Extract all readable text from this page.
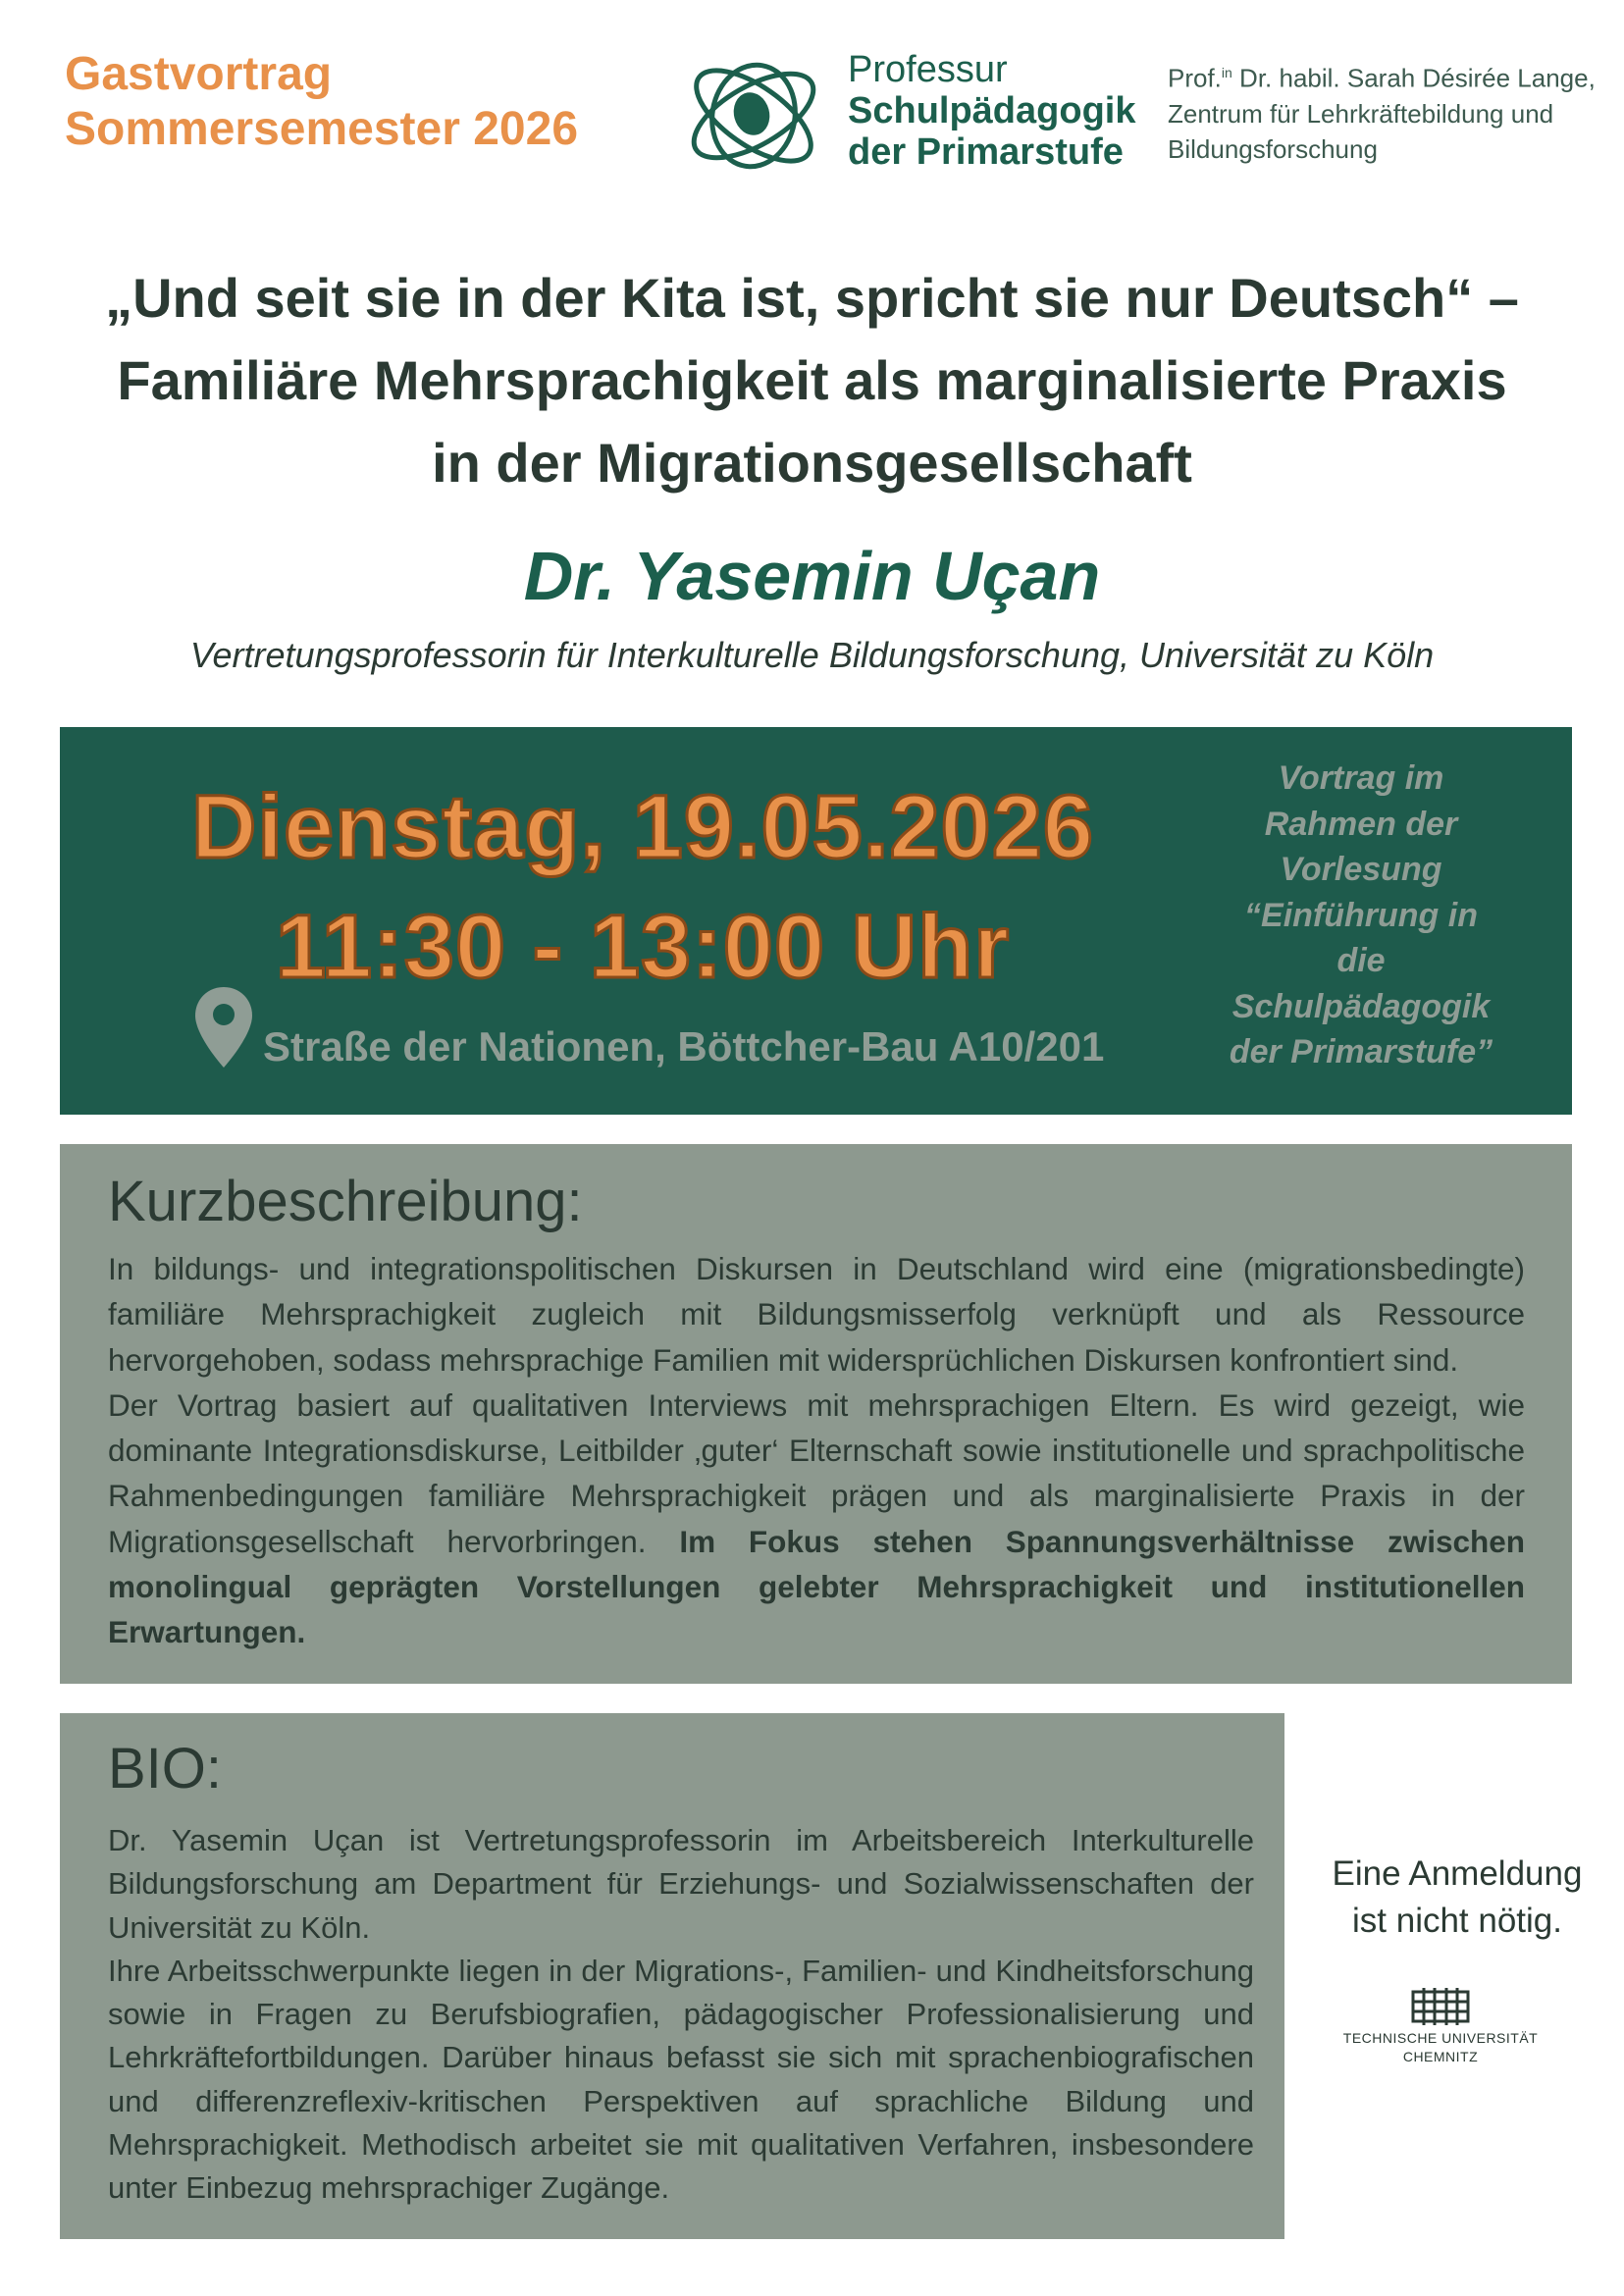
Gastvortrag
Sommersemester 2026
Professur
Schulpädagogik
der Primarstufe
Prof.$^{in}$ Dr. habil. Sarah Désirée Lange,
Zentrum für Lehrkräftebildung und
Bildungsforschung
„Und seit sie in der Kita ist, spricht sie nur Deutsch“ –
Familiäre Mehrsprachigkeit als marginalisierte Praxis
in der Migrationsgesellschaft
Dr. Yasemin Uçan
Vertretungsprofessorin für Interkulturelle Bildungsforschung, Universität zu Köln
Dienstag, 19.05.2026
11:30 - 13:00 Uhr
Straße der Nationen, Böttcher-Bau A10/201
Vortrag im
Rahmen der
Vorlesung
“Einführung in
die
Schulpädagogik
der Primarstufe”
Kurzbeschreibung:

In bildungs- und integrationspolitischen Diskursen in Deutschland wird eine (migrationsbedingte) familiäre Mehrsprachigkeit zugleich mit Bildungsmisserfolg verknüpft und als Ressource hervorgehoben, sodass mehrsprachige Familien mit widersprüchlichen Diskursen konfrontiert sind.

Der Vortrag basiert auf qualitativen Interviews mit mehrsprachigen Eltern. Es wird gezeigt, wie dominante Integrationsdiskurse, Leitbilder ‚guter‘ Elternschaft sowie institutionelle und sprachpolitische Rahmenbedingungen familiäre Mehrsprachigkeit prägen und als marginalisierte Praxis in der Migrationsgesellschaft hervorbringen. Im Fokus stehen Spannungsverhältnisse zwischen monolingual geprägten Vorstellungen gelebter Mehrsprachigkeit und institutionellen Erwartungen.

BIO:

Dr. Yasemin Uçan ist Vertretungsprofessorin im Arbeitsbereich Interkulturelle Bildungsforschung am Department für Erziehungs- und Sozialwissenschaften der Universität zu Köln.

Ihre Arbeitsschwerpunkte liegen in der Migrations-, Familien- und Kindheitsforschung sowie in Fragen zu Berufsbiografien, pädagogischer Professionalisierung und Lehrkräftefortbildungen. Darüber hinaus befasst sie sich mit sprachenbiografischen und differenzreflexiv-kritischen Perspektiven auf sprachliche Bildung und Mehrsprachigkeit. Methodisch arbeitet sie mit qualitativen Verfahren, insbesondere unter Einbezug mehrsprachiger Zugänge.

Eine Anmeldung
ist nicht nötig.
TECHNISCHE UNIVERSITÄT
CHEMNITZ
